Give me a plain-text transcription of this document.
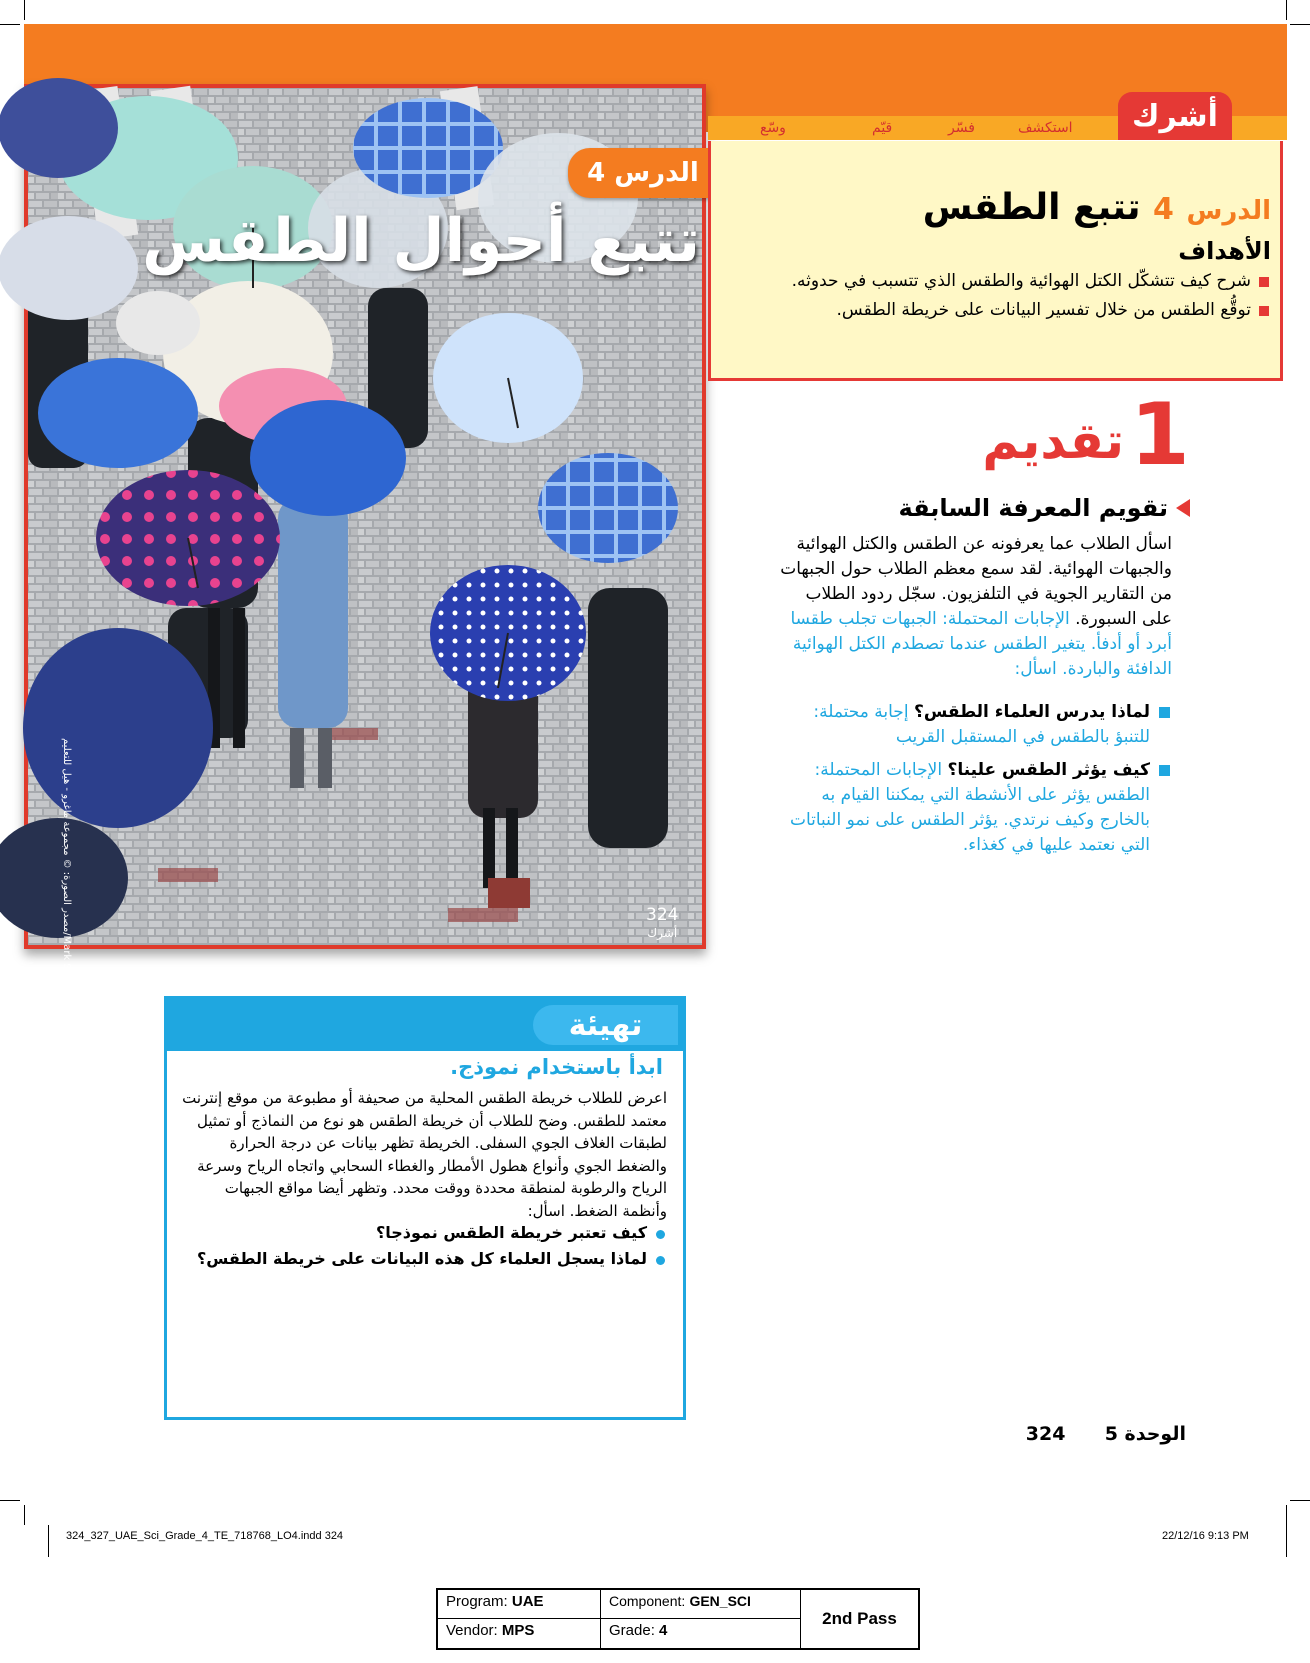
الدرس 4
تتبع أحوال الطقس
مصدر الصورة: © مجموعة ماغرو - هيل للتعليم/Mark Steinmetz
324
أشرك
استكشف
فسّر
قيّم
وسّع	أشرك
الدرس 4 تتبع الطقس
الأهداف
شرح كيف تتشكّل الكتل الهوائية والطقس الذي تتسبب في حدوثه.
توقُّع الطقس من خلال تفسير البيانات على خريطة الطقس.
1
تقديم
تقويم المعرفة السابقة
اسأل الطلاب عما يعرفونه عن الطقس والكتل الهوائية والجبهات الهوائية. لقد سمع معظم الطلاب حول الجبهات من التقارير الجوية في التلفزيون. سجّل ردود الطلاب على السبورة. الإجابات المحتملة: الجبهات تجلب طقسا أبرد أو أدفأ. يتغير الطقس عندما تصطدم الكتل الهوائية الدافئة والباردة. اسأل:
لماذا يدرس العلماء الطقس؟ إجابة محتملة: للتنبؤ بالطقس في المستقبل القريب
كيف يؤثر الطقس علينا؟ الإجابات المحتملة: الطقس يؤثر على الأنشطة التي يمكننا القيام به بالخارج وكيف نرتدي. يؤثر الطقس على نمو النباتات التي نعتمد عليها في كغذاء.
تهيئة
ابدأ باستخدام نموذج.
اعرض للطلاب خريطة الطقس المحلية من صحيفة أو مطبوعة من موقع إنترنت معتمد للطقس. وضح للطلاب أن خريطة الطقس هو نوع من النماذج أو تمثيل لطبقات الغلاف الجوي السفلى. الخريطة تظهر بيانات عن درجة الحرارة والضغط الجوي وأنواع هطول الأمطار والغطاء السحابي واتجاه الرياح وسرعة الرياح والرطوبة لمنطقة محددة ووقت محدد. وتظهر أيضا مواقع الجبهات وأنظمة الضغط. اسأل:
كيف تعتبر خريطة الطقس نموذجا؟
لماذا يسجل العلماء كل هذه البيانات على خريطة الطقس؟
الوحدة 5  324
324_327_UAE_Sci_Grade_4_TE_718768_LO4.indd 324	22/12/16 9:13 PM
Program: UAE	Component: GEN_SCI
Vendor: MPS	Grade: 4
2nd Pass
